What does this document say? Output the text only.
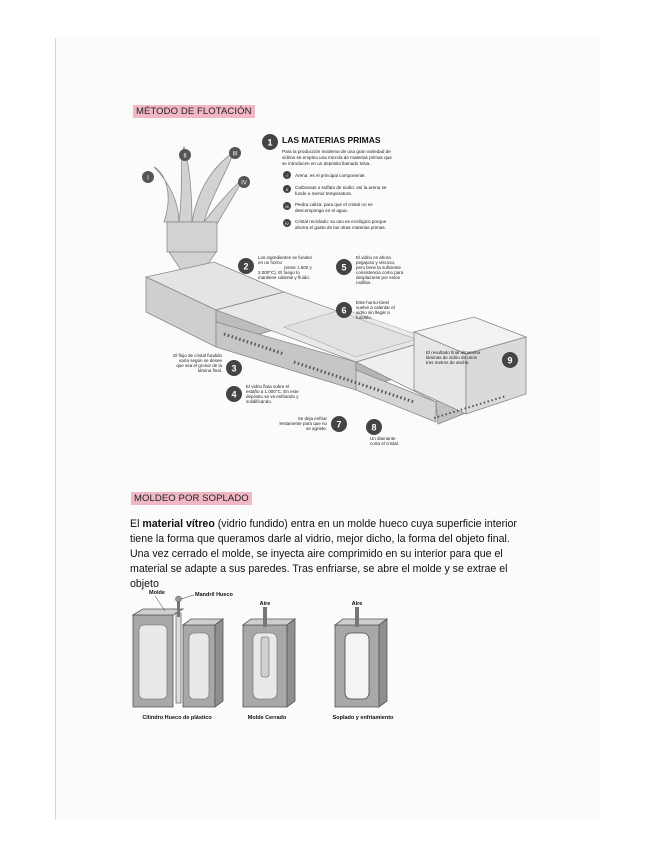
MÉTODO DE FLOTACIÓN
I
II	III
IV
1 LAS MATERIAS PRIMAS
Para la producción moderna de una gran variedad de
vidrios se emplea una mezcla de materias primas que
se introducen en un depósito llamado tolva.
I Arena: es el principal componente.
II Carbonato o sulfato de sodio: así la arena se
funde a menor temperatura.
III Piedra caliza: para que el cristal no se
descomponga en el agua.
IV Cristal reciclado: su uso es ecológico porque
ahorra el gasto de las otras materias primas.
2
Los ingredientes se funden
en un horno
(entre 1.500 y
2.000°C). El fuego lo
mantiene caliente y fluido.
5
El vidrio es ahora
pegajoso y viscoso,
pero tiene la suficiente
consistencia como para
desplazarse por estos
rodillos.
6
Este horno-túnel
vuelve a calentar el
vidrio sin llegar a
fundirlo.
3
El flujo de cristal fundido
varía según se desee
que sea el grosor de la
lámina final.
4
El vidrio flota sobre el
estaño a 1.000°C. En este
depósito se va enfriando y
solidificando.
7
Se deja enfriar
lentamente para que no
se agriete.	8
Un diamante
corta el cristal.
9
El resultado final almacena
láminas de vidrio de unos
tres metros de ancho.
MOLDEO POR SOPLADO
El material vítreo (vidrio fundido) entra en un molde hueco cuya superficie interior tiene la forma que queramos darle al vidrio, mejor dicho, la forma del objeto final. Una vez cerrado el molde, se inyecta aire comprimido en su interior para que el material se adapte a sus paredes. Tras enfriarse, se abre el molde y se extrae el objeto
Molde	Mandril Hueco
Aire	Aire
Cilindro Hueco de plástico	Molde Cerrado	Soplado y enfriamiento
